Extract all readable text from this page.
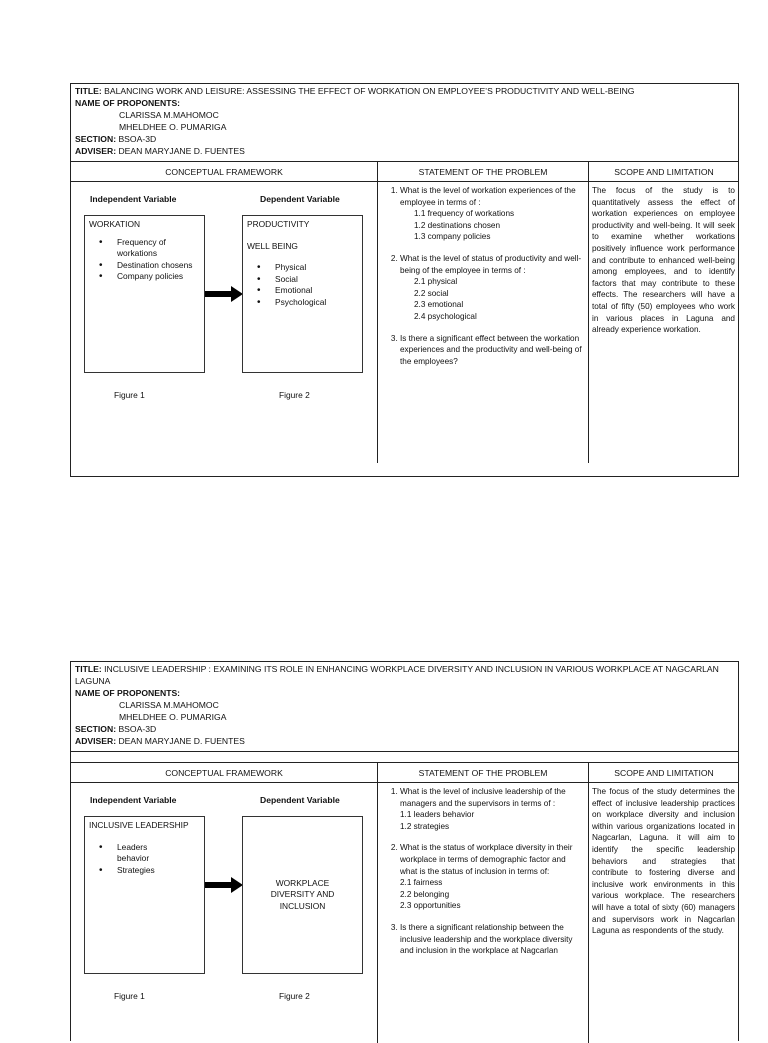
TITLE: BALANCING WORK AND LEISURE: ASSESSING THE EFFECT OF WORKATION ON EMPLOYEE’S PRODUCTIVITY AND WELL-BEING
NAME OF PROPONENTS:
CLARISSA M.MAHOMOC
MHELDHEE O. PUMARIGA
SECTION: BSOA-3D
ADVISER: DEAN MARYJANE D. FUENTES
CONCEPTUAL FRAMEWORK	STATEMENT OF THE PROBLEM	SCOPE AND LIMITATION
Independent Variable	Dependent Variable
WORKATION
• Frequency of workations
• Destination chosens
• Company policies
PRODUCTIVITY
WELL BEING
• Physical
• Social
• Emotional
• Psychological
Figure 1	Figure 2
1. What is the level of workation experiences of the employee in terms of :
1.1 frequency of workations
1.2 destinations chosen
1.3 company policies
2. What is the level of status of productivity and well-being of the employee in terms of :
2.1 physical
2.2 social
2.3 emotional
2.4 psychological
3. Is there a significant effect between the workation experiences and the productivity and well-being of the employees?
The focus of the study is to quantitatively assess the effect of workation experiences on employee productivity and well-being. It will seek to examine whether workations positively influence work performance and contribute to enhanced well-being among employees, and to identify factors that may contribute to these effects. The researchers will have a total of fifty (50) employees who work in various places in Laguna and already experience workation.
TITLE: INCLUSIVE LEADERSHIP : EXAMINING ITS ROLE IN ENHANCING WORKPLACE DIVERSITY AND INCLUSION IN VARIOUS WORKPLACE AT NAGCARLAN LAGUNA
NAME OF PROPONENTS:
CLARISSA M.MAHOMOC
MHELDHEE O. PUMARIGA
SECTION: BSOA-3D
ADVISER: DEAN MARYJANE D. FUENTES
CONCEPTUAL FRAMEWORK	STATEMENT OF THE PROBLEM	SCOPE AND LIMITATION
Independent Variable	Dependent Variable
INCLUSIVE LEADERSHIP
• Leaders behavior
• Strategies
WORKPLACE DIVERSITY AND INCLUSION
Figure 1	Figure 2
1. What is the level of inclusive leadership of the managers and the supervisors in terms of :
1.1 leaders behavior
1.2 strategies
2. What is the status of workplace diversity in their workplace in terms of demographic factor and what is the status of inclusion in terms of:
2.1 fairness
2.2 belonging
2.3 opportunities
3. Is there a significant relationship between the inclusive leadership and the workplace diversity and inclusion in the workplace at Nagcarlan
The focus of the study determines the effect of inclusive leadership practices on workplace diversity and inclusion within various organizations located in Nagcarlan, Laguna. it will aim to identify the specific leadership behaviors and strategies that contribute to fostering diverse and inclusive work environments in this various workplace. The researchers will have a total of sixty (60) managers and supervisors work in Nagcarlan Laguna as respondents of the study.
